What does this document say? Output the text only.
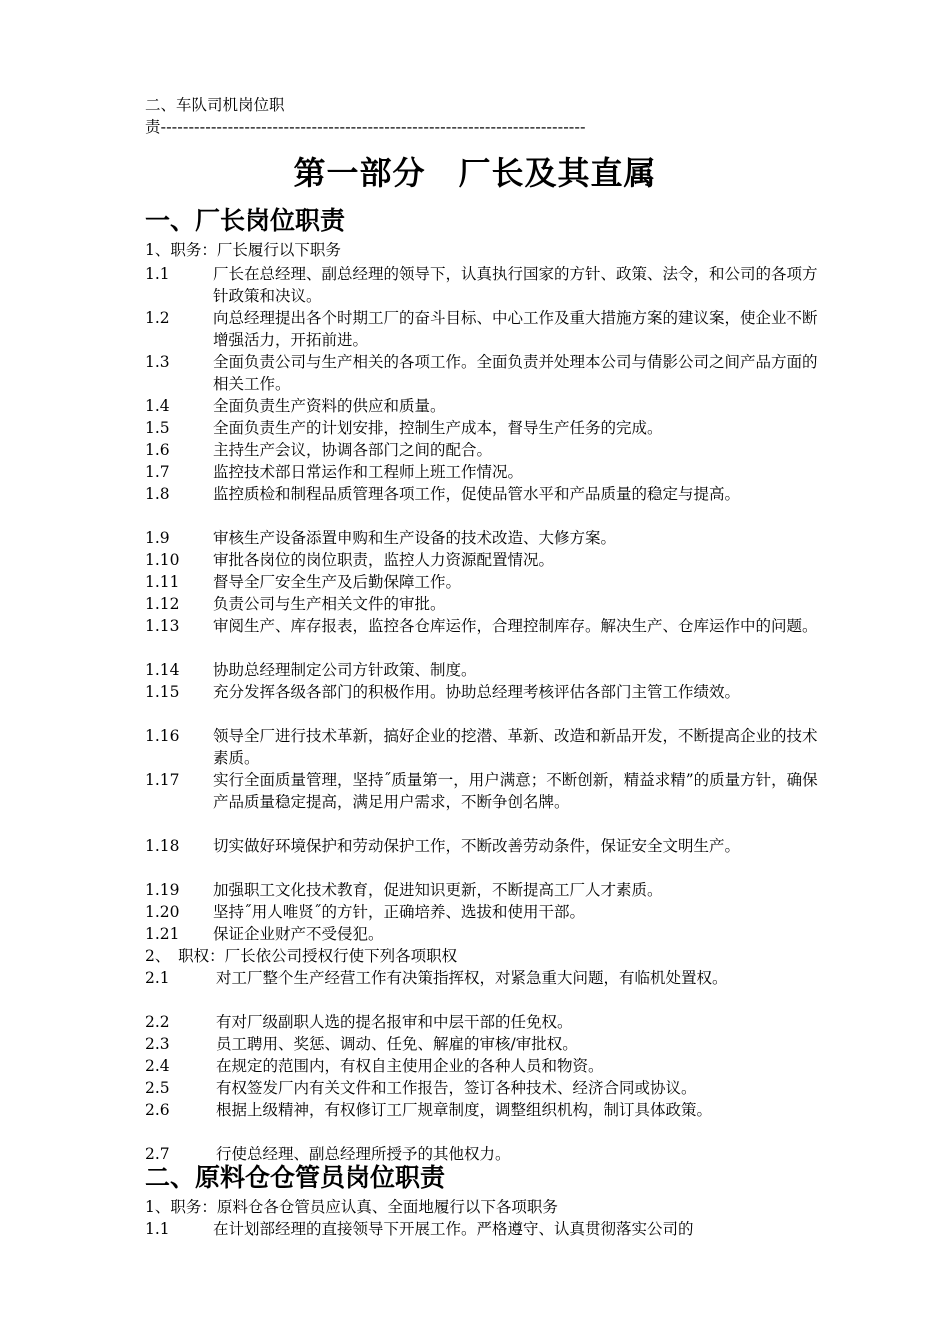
二、车队司机岗位职
责----------------------------------------------------------------------------
第一部分　厂长及其直属
一、厂长岗位职责
1、职务：厂长履行以下职务
1.1	厂长在总经理、副总经理的领导下，认真执行国家的方针、政策、法令，和公司的各项方针政策和决议。
1.2	向总经理提出各个时期工厂的奋斗目标、中心工作及重大措施方案的建议案，使企业不断增强活力，开拓前进。
1.3	全面负责公司与生产相关的各项工作。全面负责并处理本公司与倩影公司之间产品方面的相关工作。
1.4	全面负责生产资料的供应和质量。
1.5	全面负责生产的计划安排，控制生产成本，督导生产任务的完成。
1.6	主持生产会议，协调各部门之间的配合。
1.7	监控技术部日常运作和工程师上班工作情况。
1.8	监控质检和制程品质管理各项工作，促使品管水平和产品质量的稳定与提高。
1.9	审核生产设备添置申购和生产设备的技术改造、大修方案。
1.10 审批各岗位的岗位职责，监控人力资源配置情况。
1.11 督导全厂安全生产及后勤保障工作。
1.12 负责公司与生产相关文件的审批。
1.13 审阅生产、库存报表，监控各仓库运作，合理控制库存。解决生产、仓库运作中的问题。
1.14 协助总经理制定公司方针政策、制度。
1.15 充分发挥各级各部门的积极作用。协助总经理考核评估各部门主管工作绩效。
1.16 领导全厂进行技术革新，搞好企业的挖潜、革新、改造和新品开发，不断提高企业的技术素质。
1.17 实行全面质量管理，坚持˝质量第一，用户满意；不断创新，精益求精”的质量方针，确保产品质量稳定提高，满足用户需求，不断争创名牌。
1.18 切实做好环境保护和劳动保护工作，不断改善劳动条件，保证安全文明生产。
1.19 加强职工文化技术教育，促进知识更新，不断提高工厂人才素质。
1.20 坚持˝用人唯贤˝的方针，正确培养、选拔和使用干部。
1.21 保证企业财产不受侵犯。
2、　职权：厂长依公司授权行使下列各项职权
2.1	对工厂整个生产经营工作有决策指挥权，对紧急重大问题，有临机处置权。
2.2	有对厂级副职人选的提名报审和中层干部的任免权。
2.3	员工聘用、奖惩、调动、任免、解雇的审核/审批权。
2.4	在规定的范围内，有权自主使用企业的各种人员和物资。
2.5	有权签发厂内有关文件和工作报告，签订各种技术、经济合同或协议。
2.6	根据上级精神，有权修订工厂规章制度，调整组织机构，制订具体政策。
2.7	行使总经理、副总经理所授予的其他权力。
二、原料仓仓管员岗位职责
1、职务：原料仓各仓管员应认真、全面地履行以下各项职务
1.1	在计划部经理的直接领导下开展工作。严格遵守、认真贯彻落实公司的
